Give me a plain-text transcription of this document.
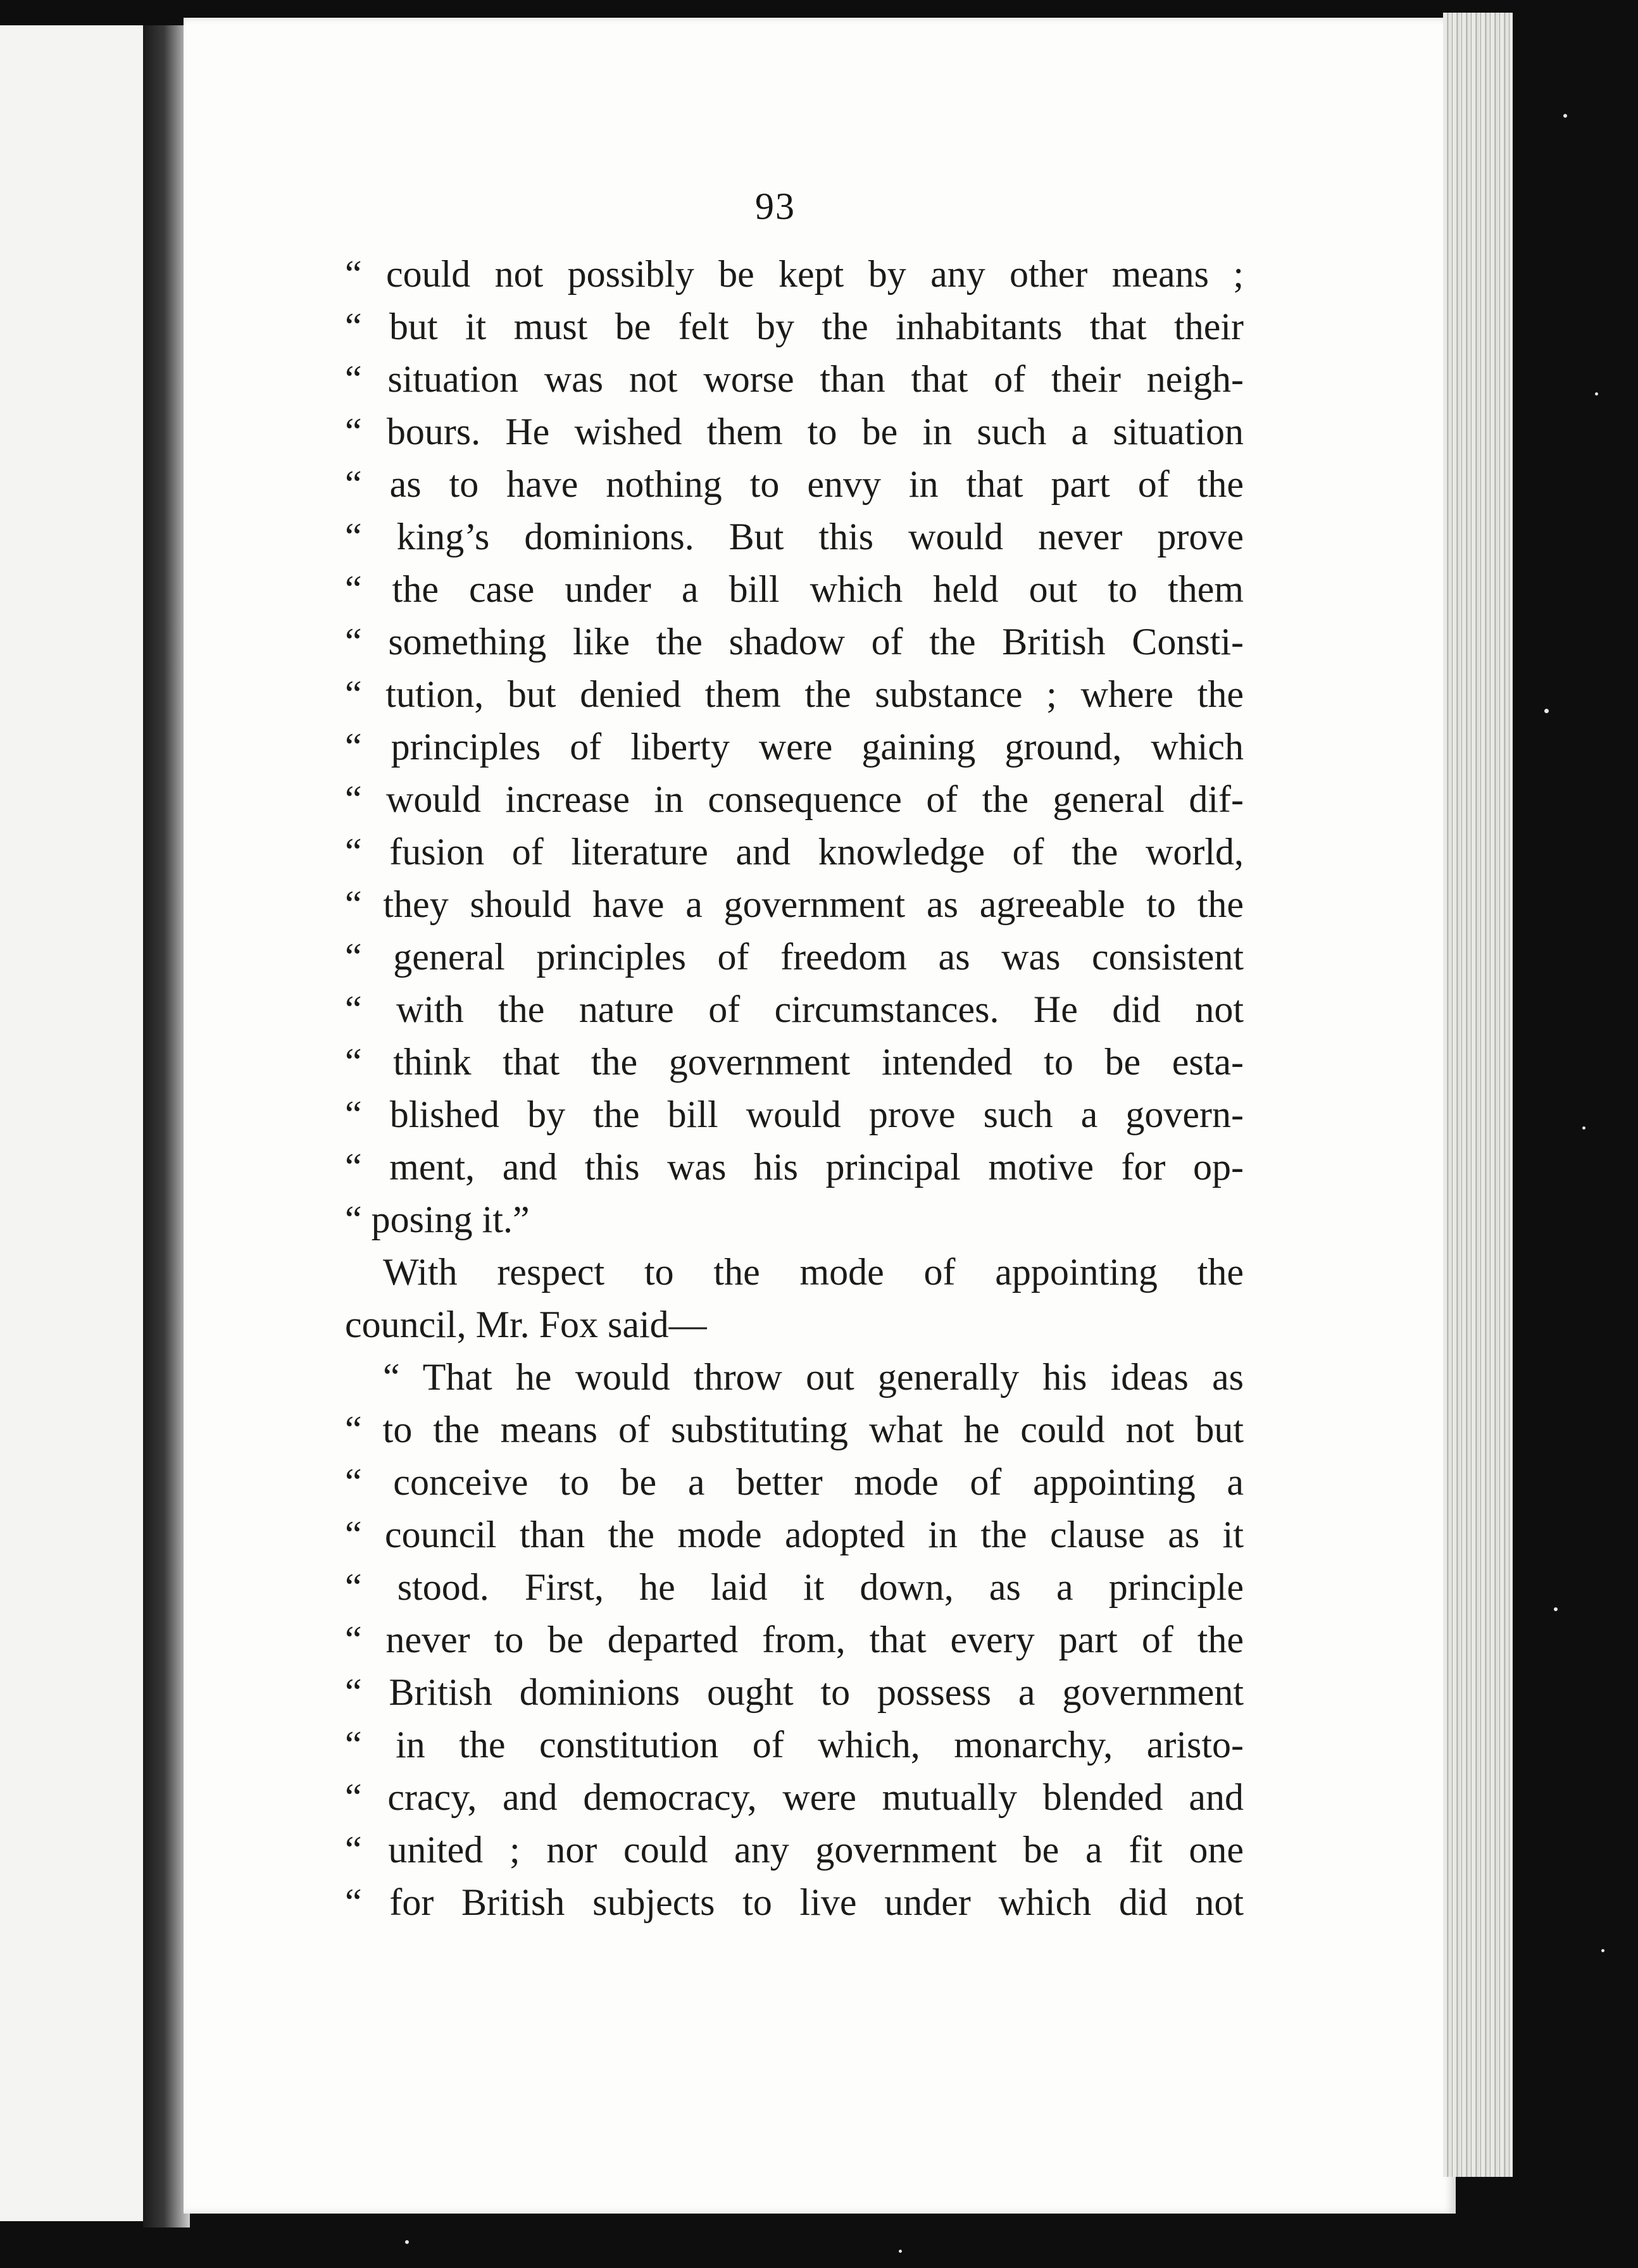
93
“ could not possibly be kept by any other means ;
“ but it must be felt by the inhabitants that their
“ situation was not worse than that of their neigh-
“ bours. He wished them to be in such a situation
“ as to have nothing to envy in that part of the
“ king’s dominions. But this would never prove
“ the case under a bill which held out to them
“ something like the shadow of the British Consti-
“ tution, but denied them the substance ; where the
“ principles of liberty were gaining ground, which
“ would increase in consequence of the general dif-
“ fusion of literature and knowledge of the world,
“ they should have a government as agreeable to the
“ general principles of freedom as was consistent
“ with the nature of circumstances. He did not
“ think that the government intended to be esta-
“ blished by the bill would prove such a govern-
“ ment, and this was his principal motive for op-
“ posing it.”
With respect to the mode of appointing the
council, Mr. Fox said—
“ That he would throw out generally his ideas as
“ to the means of substituting what he could not but
“ conceive to be a better mode of appointing a
“ council than the mode adopted in the clause as it
“ stood. First, he laid it down, as a principle
“ never to be departed from, that every part of the
“ British dominions ought to possess a government
“ in the constitution of which, monarchy, aristo-
“ cracy, and democracy, were mutually blended and
“ united ; nor could any government be a fit one
“ for British subjects to live under which did not
